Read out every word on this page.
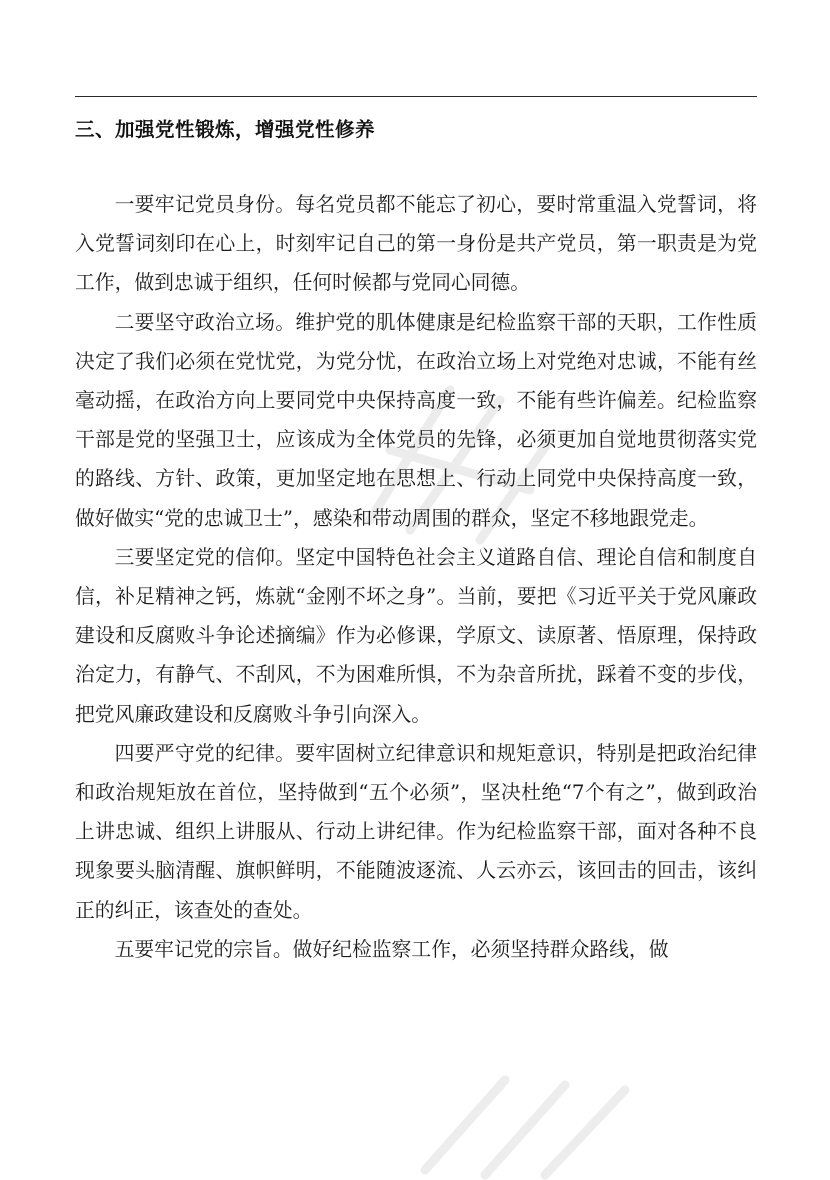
三、加强党性锻炼，增强党性修养

一要牢记党员身份。每名党员都不能忘了初心，要时常重温入党誓词，将入党誓词刻印在心上，时刻牢记自己的第一身份是共产党员，第一职责是为党工作，做到忠诚于组织，任何时候都与党同心同德。

二要坚守政治立场。维护党的肌体健康是纪检监察干部的天职，工作性质决定了我们必须在党忧党，为党分忧，在政治立场上对党绝对忠诚，不能有丝毫动摇，在政治方向上要同党中央保持高度一致，不能有些许偏差。纪检监察干部是党的坚强卫士，应该成为全体党员的先锋，必须更加自觉地贯彻落实党的路线、方针、政策，更加坚定地在思想上、行动上同党中央保持高度一致，做好做实“党的忠诚卫士”，感染和带动周围的群众，坚定不移地跟党走。

三要坚定党的信仰。坚定中国特色社会主义道路自信、理论自信和制度自信，补足精神之钙，炼就“金刚不坏之身”。当前，要把《习近平关于党风廉政建设和反腐败斗争论述摘编》作为必修课，学原文、读原著、悟原理，保持政治定力，有静气、不刮风，不为困难所惧，不为杂音所扰，踩着不变的步伐，把党风廉政建设和反腐败斗争引向深入。

四要严守党的纪律。要牢固树立纪律意识和规矩意识，特别是把政治纪律和政治规矩放在首位，坚持做到“五个必须”，坚决杜绝“7个有之”，做到政治上讲忠诚、组织上讲服从、行动上讲纪律。作为纪检监察干部，面对各种不良现象要头脑清醒、旗帜鲜明，不能随波逐流、人云亦云，该回击的回击，该纠正的纠正，该查处的查处。

五要牢记党的宗旨。做好纪检监察工作，必须坚持群众路线，做
